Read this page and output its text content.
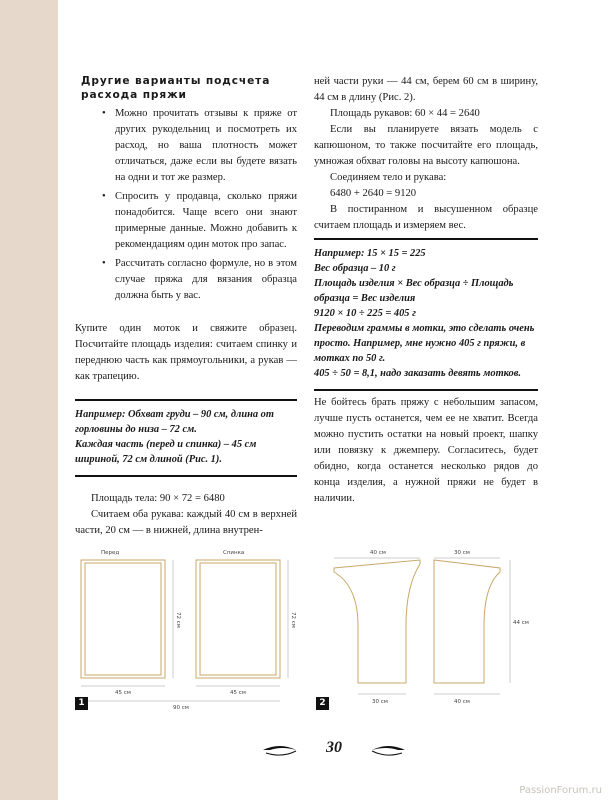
Другие варианты подсчета
расхода пряжи
• Можно прочитать отзывы к пряже от других рукодельниц и посмотреть их расход, но ваша плотность может отличаться, даже если вы будете вязать на одни и тот же размер.
• Спросить у продавца, сколько пряжи понадобится. Чаще всего они знают примерные данные. Можно добавить к рекомендациям один моток про запас.
• Рассчитать согласно формуле, но в этом случае пряжа для вязания образца должна быть у вас.

Купите один моток и свяжите образец. Посчитайте площадь изделия: считаем спинку и переднюю часть как прямоугольники, а рукав — как трапецию.

Например: Обхват груди – 90 см, длина от горловины до низа – 72 см.

Каждая часть (перед и спинка) – 45 см шириной, 72 см длиной (Рис. 1).

Площадь тела: 90 × 72 = 6480

Считаем оба рукава: каждый 40 см в верхней части, 20 см — в нижней, длина внутрен-

ней части руки — 44 см, берем 60 см в ширину, 44 см в длину (Рис. 2).

Площадь рукавов: 60 × 44 = 2640

Если вы планируете вязать модель с капюшоном, то также посчитайте его площадь, умножая обхват головы на высоту капюшона.

Соединяем тело и рукава:

6480 + 2640 = 9120

В постиранном и высушенном образце считаем площадь и измеряем вес.

Например: 15 × 15 = 225

Вес образца – 10 г

Площадь изделия × Вес образца ÷ Площадь образца = Вес изделия

9120 × 10 ÷ 225 = 405 г

Переводим граммы в мотки, это сделать очень просто. Например, мне нужно 405 г пряжи, в мотках по 50 г.

405 ÷ 50 = 8,1, надо заказать девять мотков.

Не бойтесь брать пряжу с небольшим запасом, лучше пусть останется, чем ее не хватит. Всегда можно пустить остатки на новый проект, шапку или повязку к джемперу. Согласитесь, будет обидно, когда останется несколько рядов до конца изделия, а нужной пряжи не будет в наличии.

Перед	Спинка
72 см	72 см
45 см	45 см
90 см
1
40 см	30 см
44 см
30 см	40 см
2
30
PassionForum.ru
